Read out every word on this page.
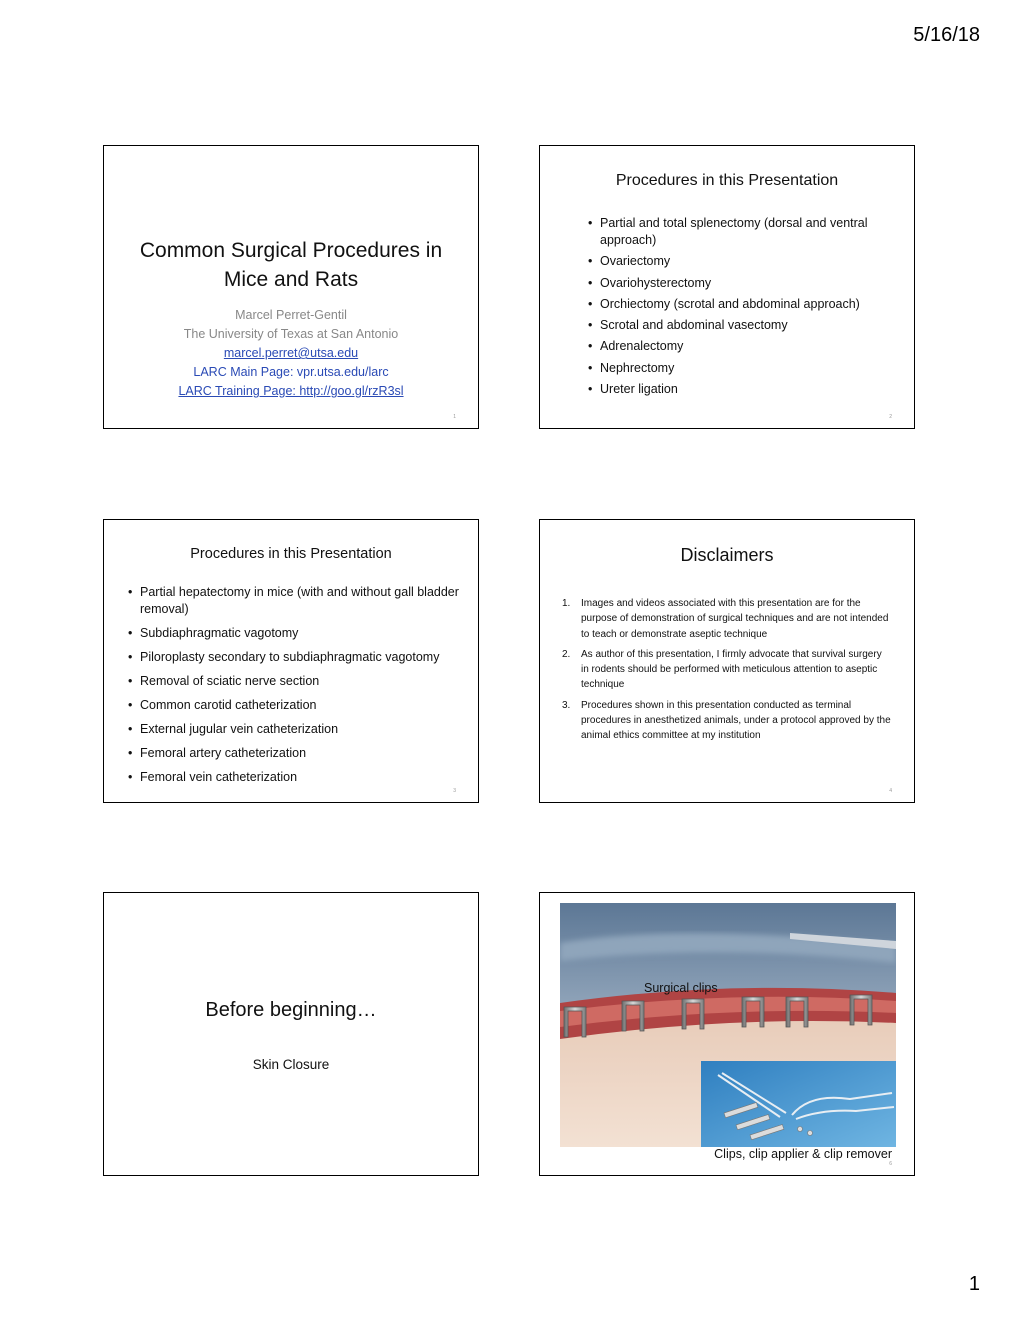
5/16/18
Common Surgical Procedures in
Mice and Rats
Marcel Perret-Gentil
The University of Texas at San Antonio
marcel.perret@utsa.edu
LARC Main Page: vpr.utsa.edu/larc
LARC Training Page: http://goo.gl/rzR3sl
1
Procedures in this Presentation
• Partial and total splenectomy (dorsal and ventral approach)
• Ovariectomy
• Ovariohysterectomy
• Orchiectomy (scrotal and abdominal approach)
• Scrotal and abdominal vasectomy
• Adrenalectomy
• Nephrectomy
• Ureter ligation
2
Procedures in this Presentation
• Partial hepatectomy in mice (with and without gall bladder removal)
• Subdiaphragmatic vagotomy
• Piloroplasty secondary to subdiaphragmatic vagotomy
• Removal of sciatic nerve section
• Common carotid catheterization
• External jugular vein catheterization
• Femoral artery catheterization
• Femoral vein catheterization
3
Disclaimers
1. Images and videos associated with this presentation are for the purpose of demonstration of surgical techniques and are not intended to teach or demonstrate aseptic technique
2. As author of this presentation, I firmly advocate that survival surgery in rodents should be performed with meticulous attention to aseptic technique
3. Procedures shown in this presentation conducted as terminal procedures in anesthetized animals, under a protocol approved by the animal ethics committee at my institution
4
Before beginning…
Skin Closure
Surgical clips
Clips, clip applier & clip remover
6
1
